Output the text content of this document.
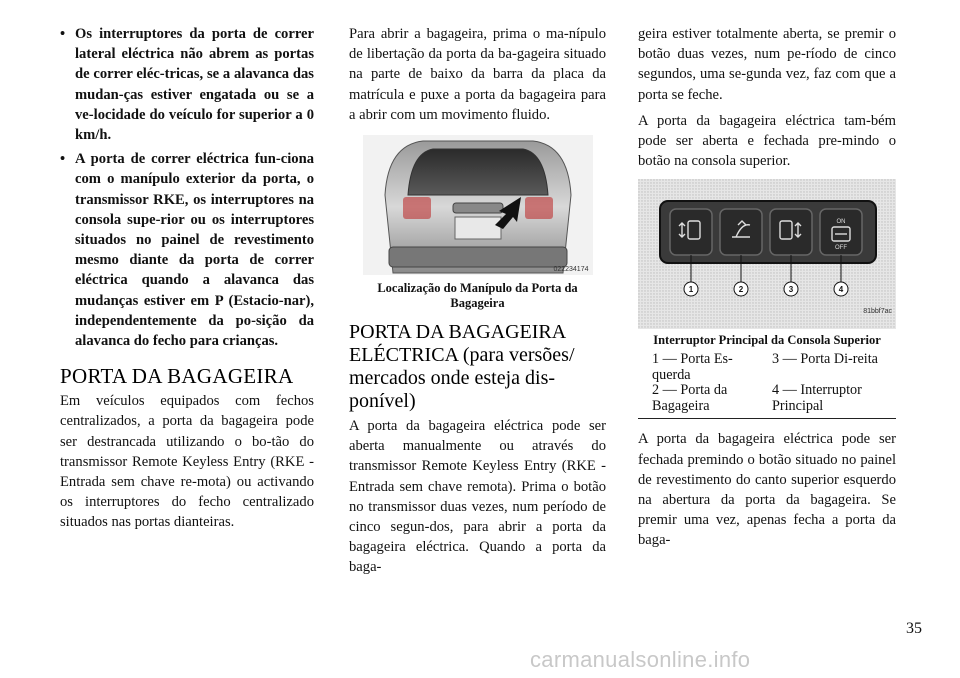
• Os interruptores da porta de correr lateral eléctrica não abrem as portas de correr eléc-tricas, se a alavanca das mudan-ças estiver engatada ou se a ve-locidade do veículo for superior a 0 km/h.
• A porta de correr eléctrica fun-ciona com o manípulo exterior da porta, o transmissor RKE, os interruptores na consola supe-rior ou os interruptores situados no painel de revestimento mesmo diante da porta de correr eléctrica quando a alavanca das mudanças estiver em P (Estacio-nar), independentemente da po-sição da alavanca do fecho para crianças.
PORTA DA BAGAGEIRA

Em veículos equipados com fechos centralizados, a porta da bagageira pode ser destrancada utilizando o bo-tão do transmissor Remote Keyless Entry (RKE - Entrada sem chave re-mota) ou activando os interruptores do fecho centralizado situados nas portas dianteiras.

Para abrir a bagageira, prima o ma-nípulo de libertação da porta da ba-gageira situado na parte de baixo da barra da placa da matrícula e puxe a porta da bagageira para a abrir com um movimento fluido.

022234174
Localização do Manípulo da Porta da Bagageira
PORTA DA BAGAGEIRA ELÉCTRICA (para versões/ mercados onde esteja dis-ponível)

A porta da bagageira eléctrica pode ser aberta manualmente ou através do transmissor Remote Keyless Entry (RKE - Entrada sem chave remota). Prima o botão no transmissor duas vezes, num período de cinco segun-dos, para abrir a porta da bagageira eléctrica. Quando a porta da baga-

geira estiver totalmente aberta, se premir o botão duas vezes, num pe-ríodo de cinco segundos, uma se-gunda vez, faz com que a porta se feche.

A porta da bagageira eléctrica tam-bém pode ser aberta e fechada pre-mindo o botão na consola superior.

ON
OFF
1	2	3	4
81bbf7ac
Interruptor Principal da Consola Superior
1 — Porta Es-querda
3 — Porta Di-reita
2 — Porta da Bagageira
4 — Interruptor Principal

A porta da bagageira eléctrica pode ser fechada premindo o botão situado no painel de revestimento do canto superior esquerdo na abertura da porta da bagageira. Se premir uma vez, apenas fecha a porta da baga-

35
carmanualsonline.info
